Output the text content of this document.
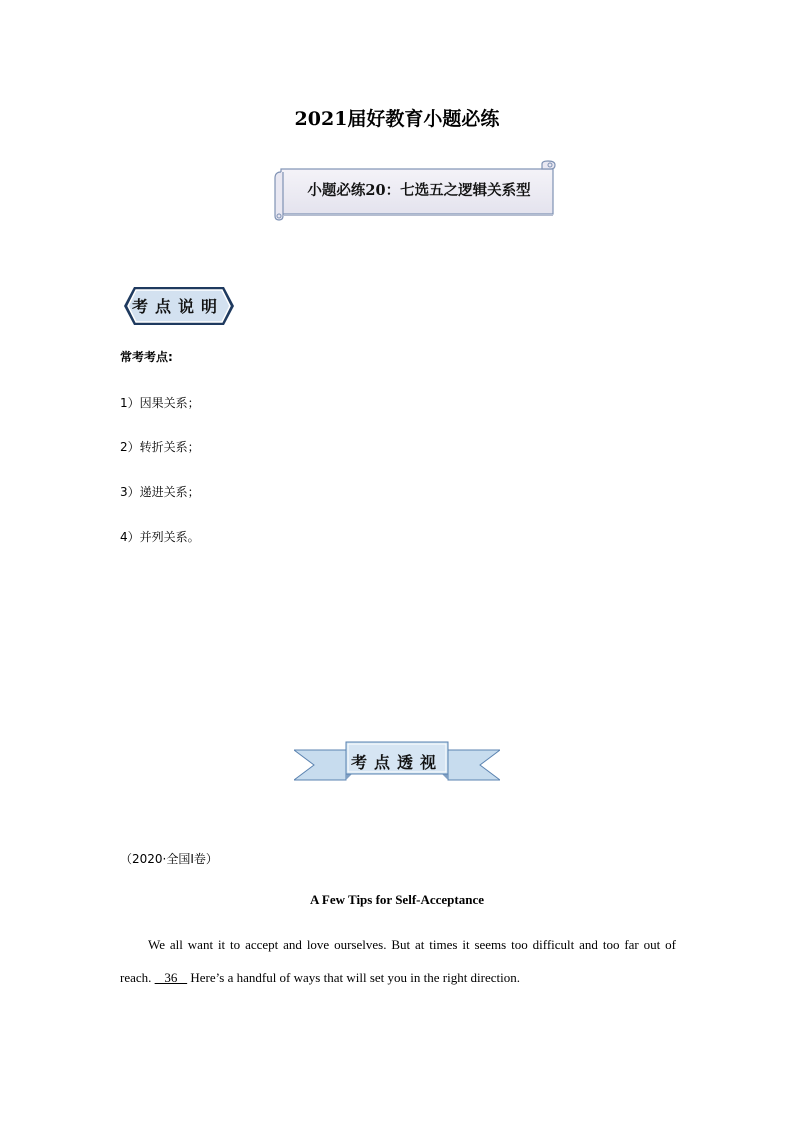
2021届好教育小题必练
小题必练20：七选五之逻辑关系型
考点说明
常考考点:
1）因果关系；
2）转折关系；
3）递进关系；
4）并列关系。
考点透视
（2020·全国I卷）
A Few Tips for Self-Acceptance
We all want it to accept and love ourselves. But at times it seems too difficult and too far out of reach.    36    Here’s a handful of ways that will set you in the right direction.
